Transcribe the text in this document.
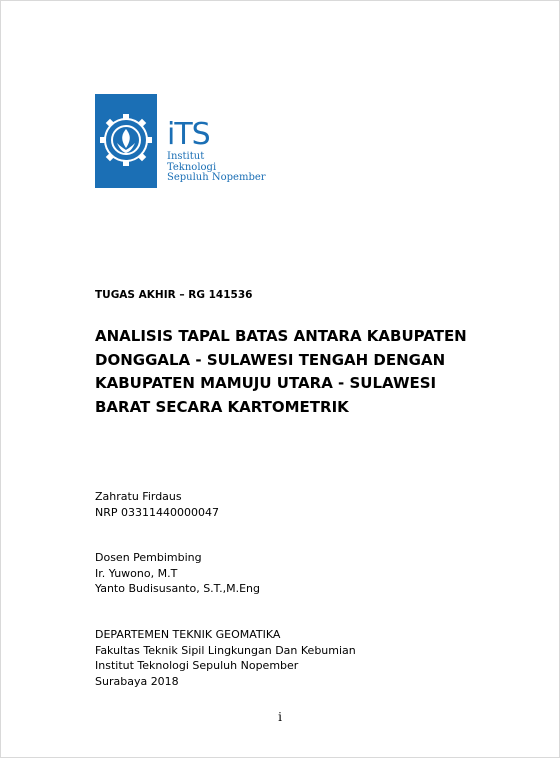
iTS
Institut
Teknologi
Sepuluh Nopember
TUGAS AKHIR – RG 141536
ANALISIS TAPAL BATAS ANTARA KABUPATEN
DONGGALA - SULAWESI TENGAH DENGAN
KABUPATEN MAMUJU UTARA - SULAWESI
BARAT SECARA KARTOMETRIK
Zahratu Firdaus
NRP 03311440000047
Dosen Pembimbing
Ir. Yuwono, M.T
Yanto Budisusanto, S.T.,M.Eng
DEPARTEMEN TEKNIK GEOMATIKA
Fakultas Teknik Sipil Lingkungan Dan Kebumian
Institut Teknologi Sepuluh Nopember
Surabaya 2018
i
